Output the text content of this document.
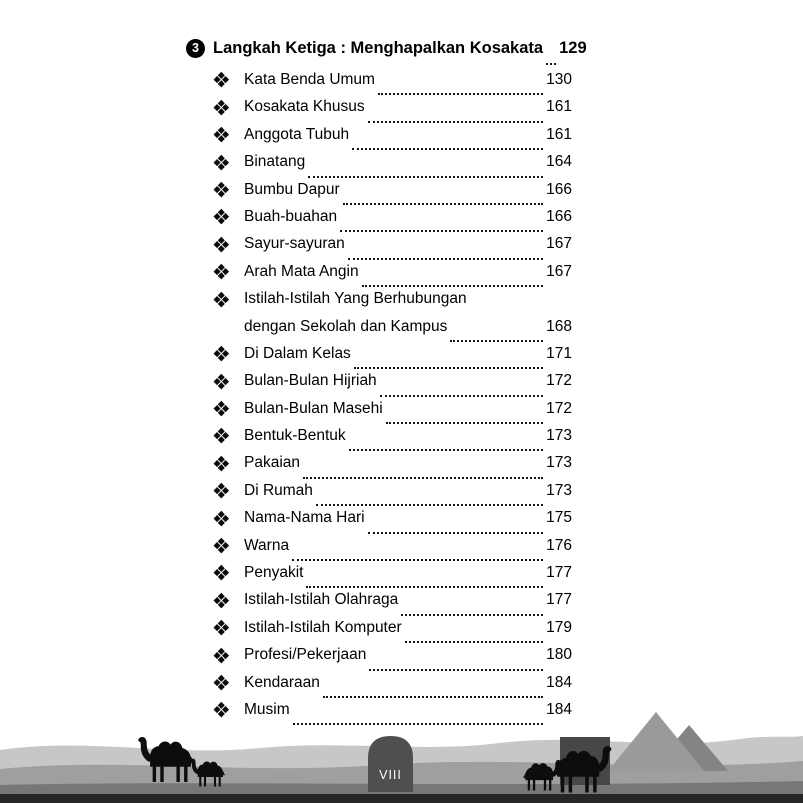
3 Langkah Ketiga : Menghapalkan Kosakata
129
Kata Benda Umum
	130
Kosakata Khusus
	161
Anggota Tubuh
	161
Binatang
	164
Bumbu Dapur
	166
Buah-buahan
	166
Sayur-sayuran
	167
Arah Mata Angin
	167
Istilah-Istilah Yang Berhubungan
dengan Sekolah dan Kampus
	168
Di Dalam Kelas
	171
Bulan-Bulan Hijriah
	172
Bulan-Bulan Masehi
	172
Bentuk-Bentuk
	173
Pakaian
	173
Di Rumah
	173
Nama-Nama Hari
	175
Warna
	176
Penyakit
	177
Istilah-Istilah Olahraga
	177
Istilah-Istilah Komputer
	179
Profesi/Pekerjaan
	180
Kendaraan
	184
Musim
	184
VIII
